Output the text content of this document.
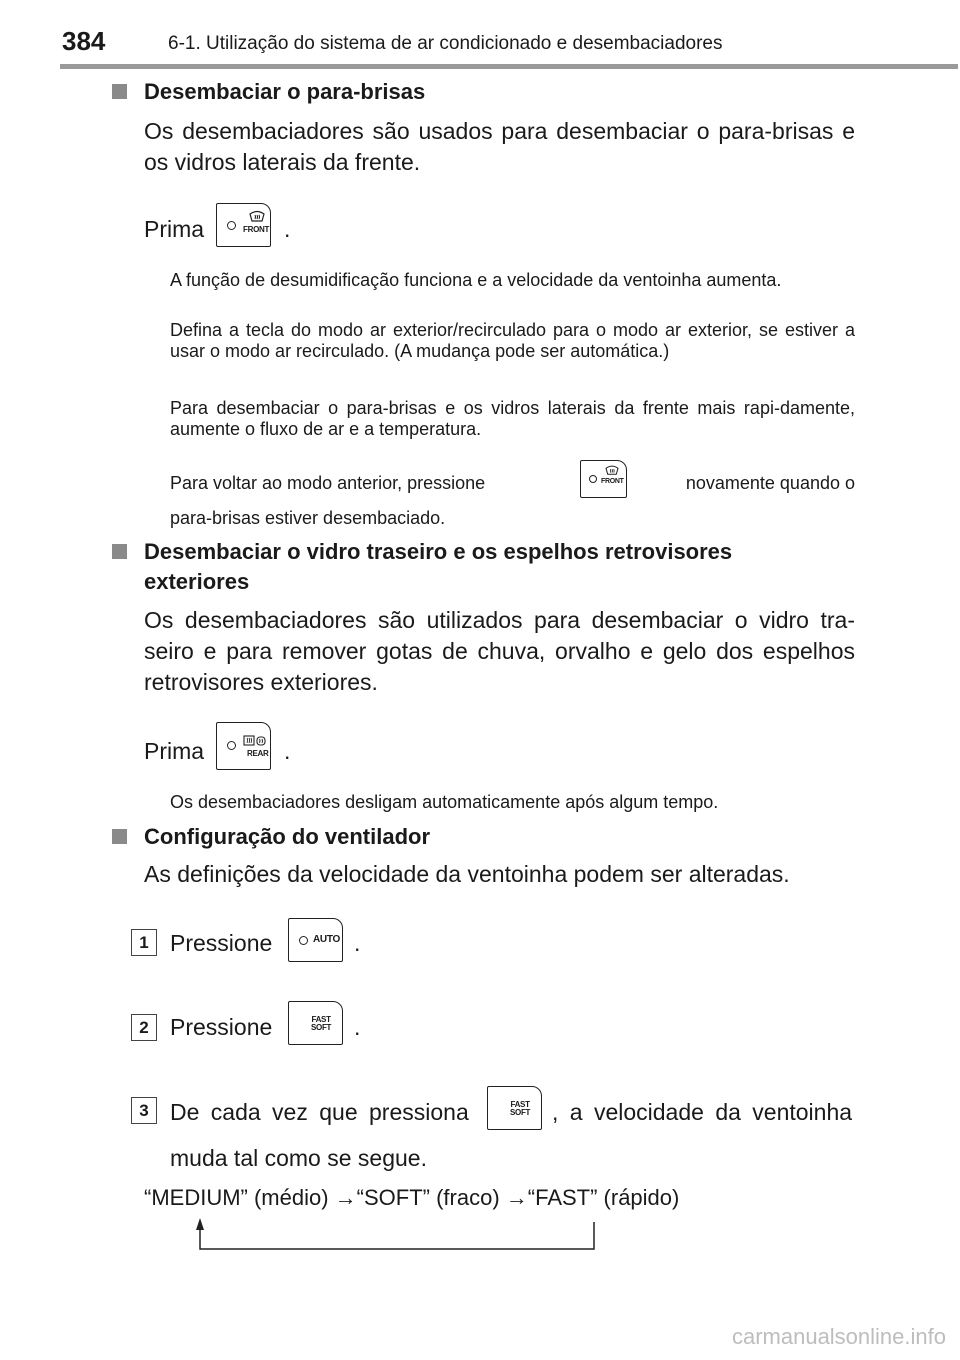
384	6-1. Utilização do sistema de ar condicionado e desembaciadores
Desembaciar o para-brisas
Os desembaciadores são usados para desembaciar o para-brisas e os vidros laterais da frente.
Prima	FRONT .
A função de desumidificação funciona e a velocidade da ventoinha aumenta.
Defina a tecla do modo ar exterior/recirculado para o modo ar exterior, se estiver a usar o modo ar recirculado. (A mudança pode ser automática.)
Para desembaciar o para-brisas e os vidros laterais da frente mais rapi-damente, aumente o fluxo de ar e a temperatura.
Para voltar ao modo anterior, pressione	FRONT	novamente quando o
para-brisas estiver desembaciado.
Desembaciar o vidro traseiro e os espelhos retrovisores
exteriores
Os desembaciadores são utilizados para desembaciar o vidro tra-seiro e para remover gotas de chuva, orvalho e gelo dos espelhos retrovisores exteriores.
Prima	REAR .
Os desembaciadores desligam automaticamente após algum tempo.
Configuração do ventilador
As definições da velocidade da ventoinha podem ser alteradas.
1 Pressione	AUTO .
2 Pressione	FAST
SOFT .
3 De cada vez que pressiona	FAST
SOFT , a velocidade da ventoinha
muda tal como se segue.
“MEDIUM” (médio) →“SOFT” (fraco) →“FAST” (rápido)
carmanualsonline.info
